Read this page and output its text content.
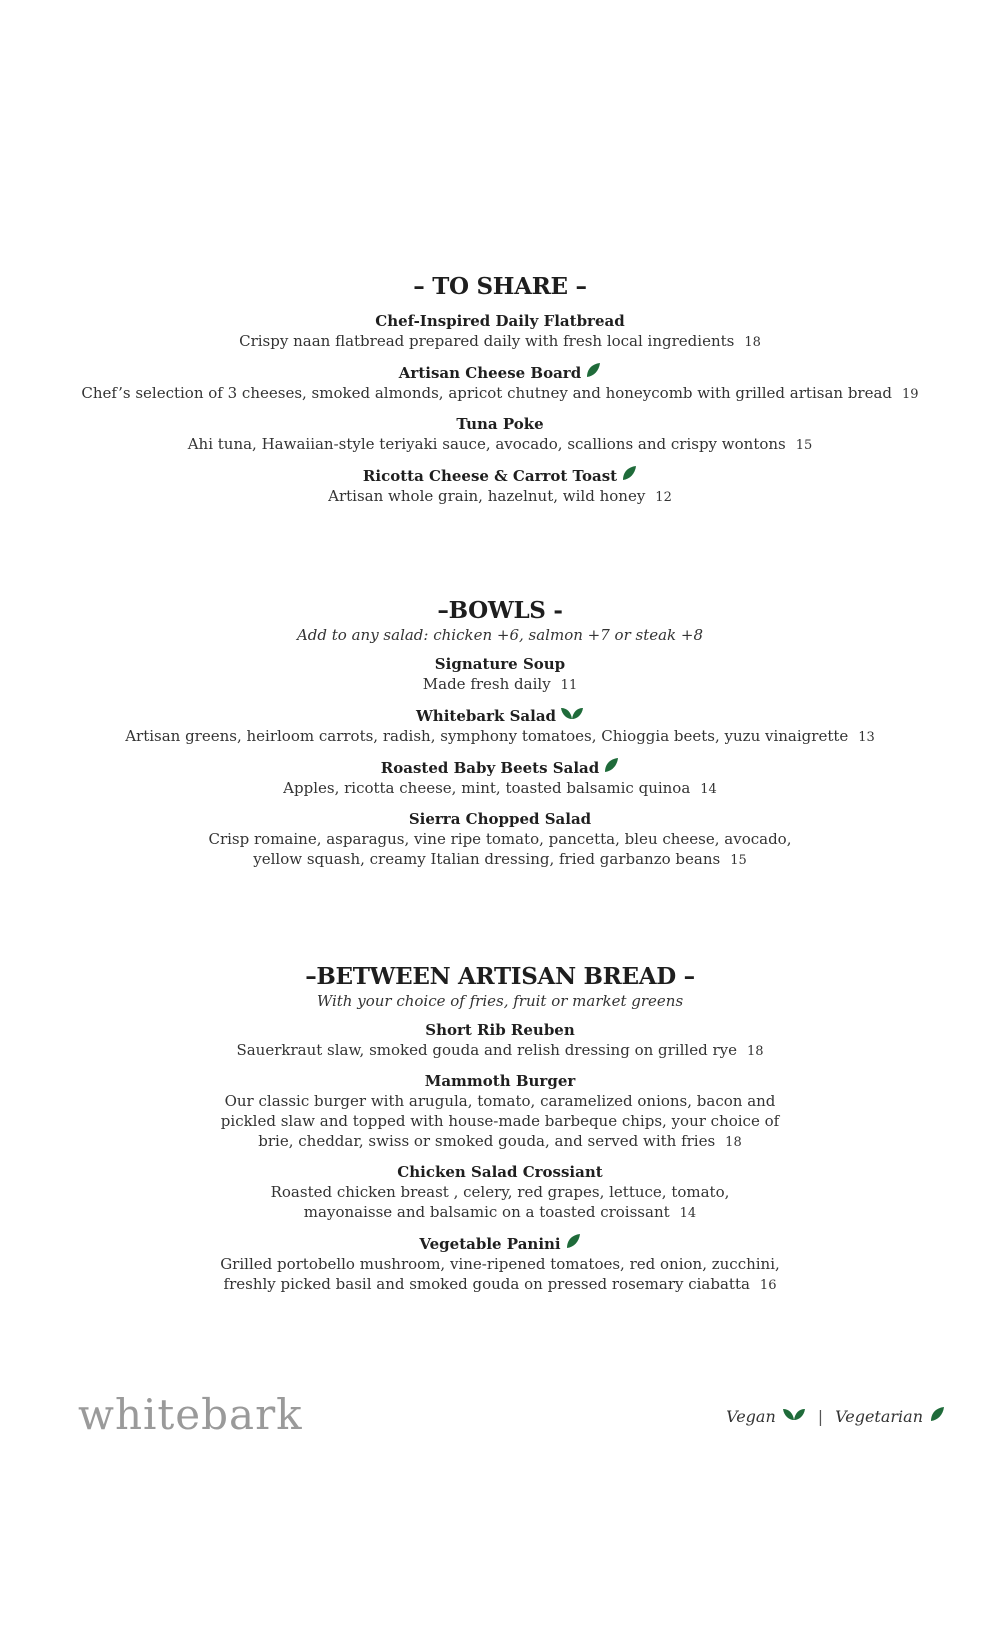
– TO SHARE –
Chef-Inspired Daily Flatbread
Crispy naan flatbread prepared daily with fresh local ingredients 18
Artisan Cheese Board
Chef’s selection of 3 cheeses, smoked almonds, apricot chutney and honeycomb with grilled artisan bread 19
Tuna Poke
Ahi tuna, Hawaiian-style teriyaki sauce, avocado, scallions and crispy wontons 15
Ricotta Cheese & Carrot Toast
Artisan whole grain, hazelnut, wild honey 12
–BOWLS -

Add to any salad: chicken +6, salmon +7 or steak +8

Signature Soup
Made fresh daily 11
Whitebark Salad
Artisan greens, heirloom carrots, radish, symphony tomatoes, Chioggia beets, yuzu vinaigrette 13
Roasted Baby Beets Salad
Apples, ricotta cheese, mint, toasted balsamic quinoa 14
Sierra Chopped Salad
Crisp romaine, asparagus, vine ripe tomato, pancetta, bleu cheese, avocado,
yellow squash, creamy Italian dressing, fried garbanzo beans 15
–BETWEEN ARTISAN BREAD –

With your choice of fries, fruit or market greens

Short Rib Reuben
Sauerkraut slaw, smoked gouda and relish dressing on grilled rye 18
Mammoth Burger
Our classic burger with arugula, tomato, caramelized onions, bacon and
pickled slaw and topped with house-made barbeque chips, your choice of
brie, cheddar, swiss or smoked gouda, and served with fries 18
Chicken Salad Crossiant
Roasted chicken breast , celery, red grapes, lettuce, tomato,
mayonaisse and balsamic on a toasted croissant 14
Vegetable Panini
Grilled portobello mushroom, vine-ripened tomatoes, red onion, zucchini,
freshly picked basil and smoked gouda on pressed rosemary ciabatta 16

whitebark	Vegan	| Vegetarian
